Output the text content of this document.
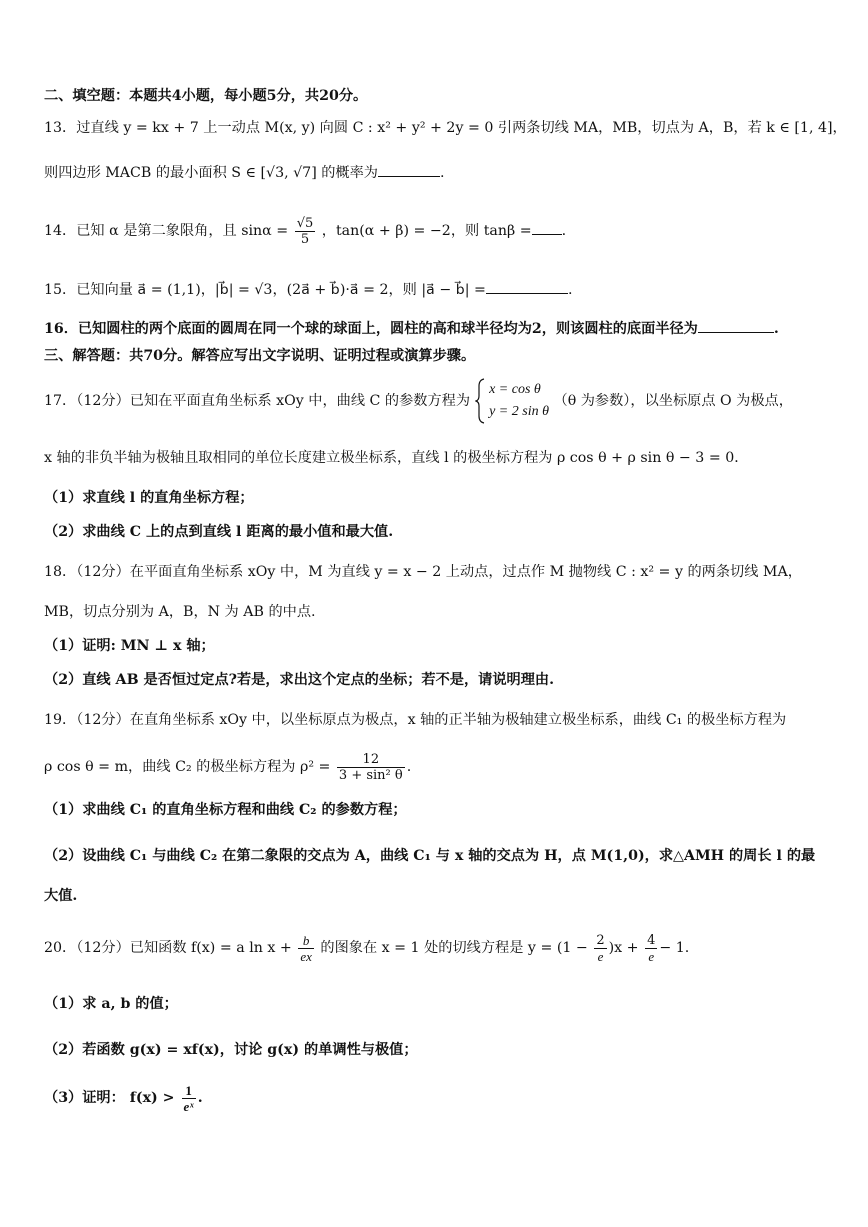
二、填空题：本题共4小题，每小题5分，共20分。
13．过直线 y = kx + 7 上一动点 M(x, y) 向圆 C : x² + y² + 2y = 0 引两条切线 MA，MB，切点为 A，B，若 k ∈ [1, 4]，
则四边形 MACB 的最小面积 S ∈ [√3, √7] 的概率为	.
14．已知 α 是第二象限角，且 $\sin\alpha = \frac{√5}{5}$ ，tan(α + β) = −2，则 tanβ = .
15．已知向量 a⃗ = (1,1)，|b⃗| = √3，(2a⃗ + b⃗)·a⃗ = 2，则 |a⃗ − b⃗| =	.
16．已知圆柱的两个底面的圆周在同一个球的球面上，圆柱的高和球半径均为2，则该圆柱的底面半径为	.
三、解答题：共70分。解答应写出文字说明、证明过程或演算步骤。
17．（12分）已知在平面直角坐标系 xOy 中，曲线 C 的参数方程为
x = cos θ
y = 2 sin θ
（θ 为参数），以坐标原点 O 为极点，
x 轴的非负半轴为极轴且取相同的单位长度建立极坐标系，直线 l 的极坐标方程为 ρ cos θ + ρ sin θ − 3 = 0．
（1）求直线 l 的直角坐标方程；
（2）求曲线 C 上的点到直线 l 距离的最小值和最大值.
18．（12分）在平面直角坐标系 xOy 中，M 为直线 y = x − 2 上动点，过点作 M 抛物线 C : x² = y 的两条切线 MA，
MB，切点分别为 A，B，N 为 AB 的中点.
（1）证明: MN ⊥ x 轴；
（2）直线 AB 是否恒过定点?若是，求出这个定点的坐标；若不是，请说明理由.
19．（12分）在直角坐标系 xOy 中，以坐标原点为极点，x 轴的正半轴为极轴建立极坐标系，曲线 C₁ 的极坐标方程为
ρ cos θ = m，曲线 C₂ 的极坐标方程为 $\rho^2 = \frac{12}{\text{3 + sin² θ}}$ .
（1）求曲线 C₁ 的直角坐标方程和曲线 C₂ 的参数方程；
（2）设曲线 C₁ 与曲线 C₂ 在第二象限的交点为 A，曲线 C₁ 与 x 轴的交点为 H，点 M(1,0)，求△AMH 的周长 l 的最
大值.
20．（12分）已知函数 f(x) = a $\ln x + \frac{b}{ex}$ 的图象在 x = 1 处的切线方程是 $y = (1 - \frac{2}{e} )x + \frac{4}{e} - 1$.
（1）求 a, b 的值；
（2）若函数 g(x) = xf(x)，讨论 g(x) 的单调性与极值；
（3）证明： $f(x) > \frac{1}{\text{eˣ}}$ .
